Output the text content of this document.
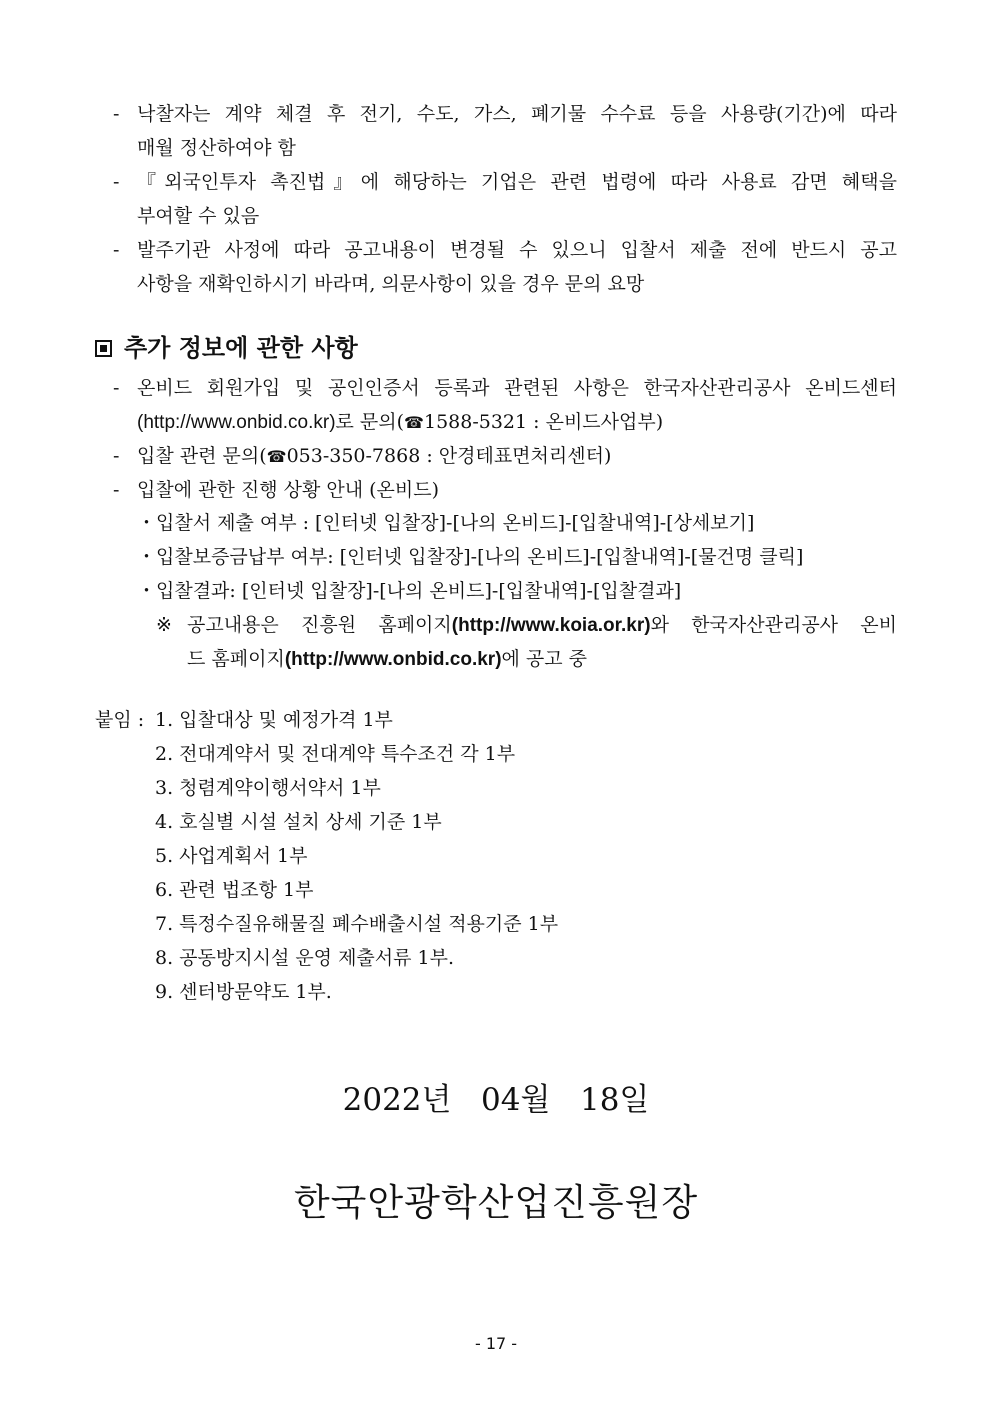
- 낙찰자는 계약 체결 후 전기, 수도, 가스, 폐기물 수수료 등을 사용량(기간)에 따라
매월 정산하여야 함
- 『외국인투자 촉진법』에 해당하는 기업은 관련 법령에 따라 사용료 감면 혜택을
부여할 수 있음
- 발주기관 사정에 따라 공고내용이 변경될 수 있으니 입찰서 제출 전에 반드시 공고
사항을 재확인하시기 바라며, 의문사항이 있을 경우 문의 요망
추가 정보에 관한 사항
- 온비드 회원가입 및 공인인증서 등록과 관련된 사항은 한국자산관리공사 온비드센터
(http://www.onbid.co.kr)로 문의(☎1588-5321 : 온비드사업부)
- 입찰 관련 문의(☎053-350-7868 : 안경테표면처리센터)
- 입찰에 관한 진행 상황 안내 (온비드)
・입찰서 제출 여부 : [인터넷 입찰장]-[나의 온비드]-[입찰내역]-[상세보기]
・입찰보증금납부 여부: [인터넷 입찰장]-[나의 온비드]-[입찰내역]-[물건명 클릭]
・입찰결과: [인터넷 입찰장]-[나의 온비드]-[입찰내역]-[입찰결과]
※ 공고내용은 진흥원 홈페이지(http://www.koia.or.kr)와 한국자산관리공사 온비
드 홈페이지(http://www.onbid.co.kr)에 공고 중
붙임 : 1. 입찰대상 및 예정가격 1부
2. 전대계약서 및 전대계약 특수조건 각 1부
3. 청렴계약이행서약서 1부
4. 호실별 시설 설치 상세 기준 1부
5. 사업계획서 1부
6. 관련 법조항 1부
7. 특정수질유해물질 폐수배출시설 적용기준 1부
8. 공동방지시설 운영 제출서류 1부.
9. 센터방문약도 1부.
2022년   04월   18일
한국안광학산업진흥원장
- 17 -
